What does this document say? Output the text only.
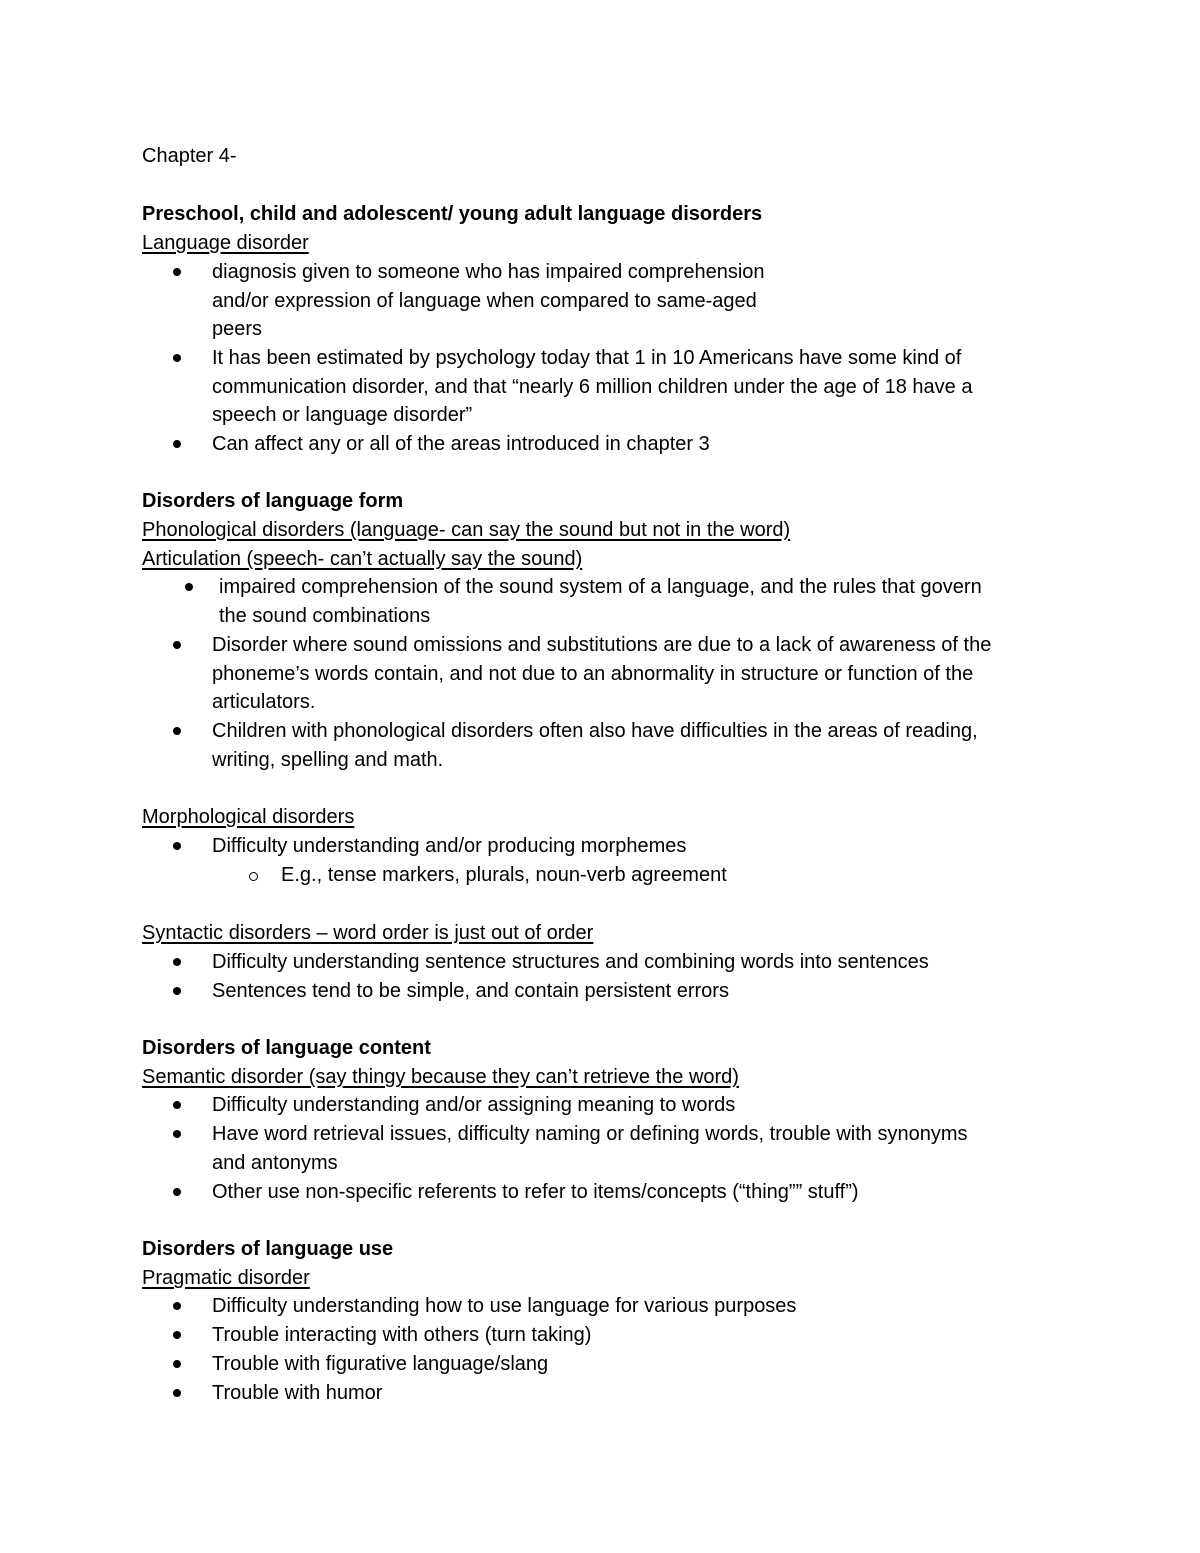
Chapter 4-
Preschool, child and adolescent/ young adult language disorders
Language disorder
diagnosis given to someone who has impaired comprehension
and/or expression of language when compared to same-aged
peers
It has been estimated by psychology today that 1 in 10 Americans have some kind of
communication disorder, and that “nearly 6 million children under the age of 18 have a
speech or language disorder”
Can affect any or all of the areas introduced in chapter 3
Disorders of language form
Phonological disorders (language- can say the sound but not in the word)
Articulation (speech- can’t actually say the sound)
impaired comprehension of the sound system of a language, and the rules that govern
the sound combinations
Disorder where sound omissions and substitutions are due to a lack of awareness of the
phoneme’s words contain, and not due to an abnormality in structure or function of the
articulators.
Children with phonological disorders often also have difficulties in the areas of reading,
writing, spelling and math.
Morphological disorders
Difficulty understanding and/or producing morphemes
E.g., tense markers, plurals, noun-verb agreement
Syntactic disorders – word order is just out of order
Difficulty understanding sentence structures and combining words into sentences
Sentences tend to be simple, and contain persistent errors
Disorders of language content
Semantic disorder (say thingy because they can’t retrieve the word)
Difficulty understanding and/or assigning meaning to words
Have word retrieval issues, difficulty naming or defining words, trouble with synonyms
and antonyms
Other use non-specific referents to refer to items/concepts (“thing”” stuff”)
Disorders of language use
Pragmatic disorder
Difficulty understanding how to use language for various purposes
Trouble interacting with others (turn taking)
Trouble with figurative language/slang
Trouble with humor
